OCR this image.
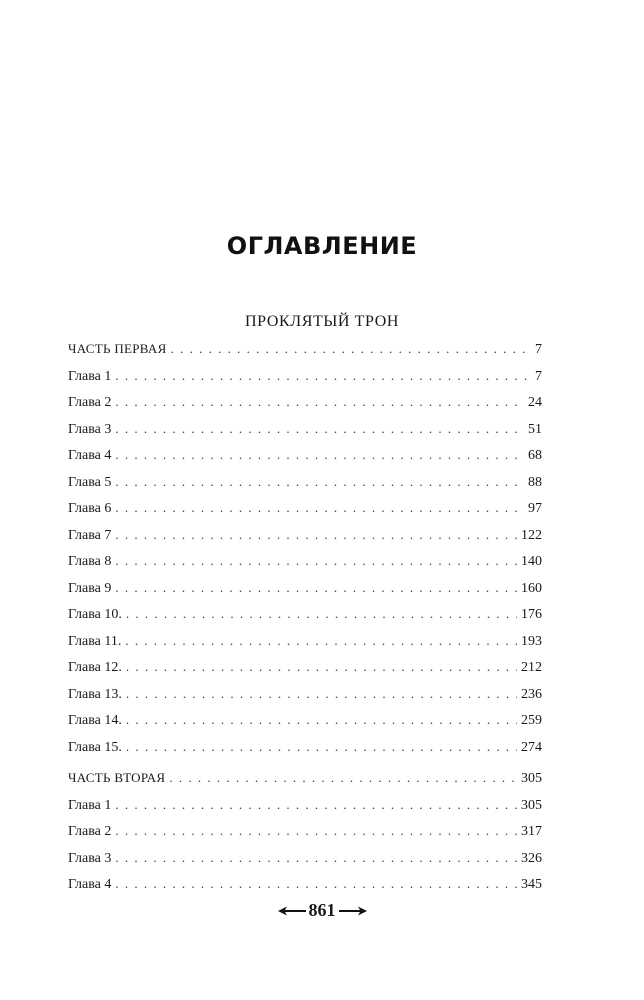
ОГЛАВЛЕНИЕ
ПРОКЛЯТЫЙ ТРОН
ЧАСТЬ ПЕРВАЯ . . .	7
Глава 1 . . .	7
Глава 2 . . .	24
Глава 3 . . .	51
Глава 4 . . .	68
Глава 5 . . .	88
Глава 6 . . .	97
Глава 7 . . .	122
Глава 8 . . .	140
Глава 9 . . .	160
Глава 10. . . .	176
Глава 11. . . .	193
Глава 12. . . .	212
Глава 13. . . .	236
Глава 14. . . .	259
Глава 15. . . .	274
ЧАСТЬ ВТОРАЯ . . .	305
Глава 1 . . .	305
Глава 2 . . .	317
Глава 3 . . .	326
Глава 4 . . .	345
861
